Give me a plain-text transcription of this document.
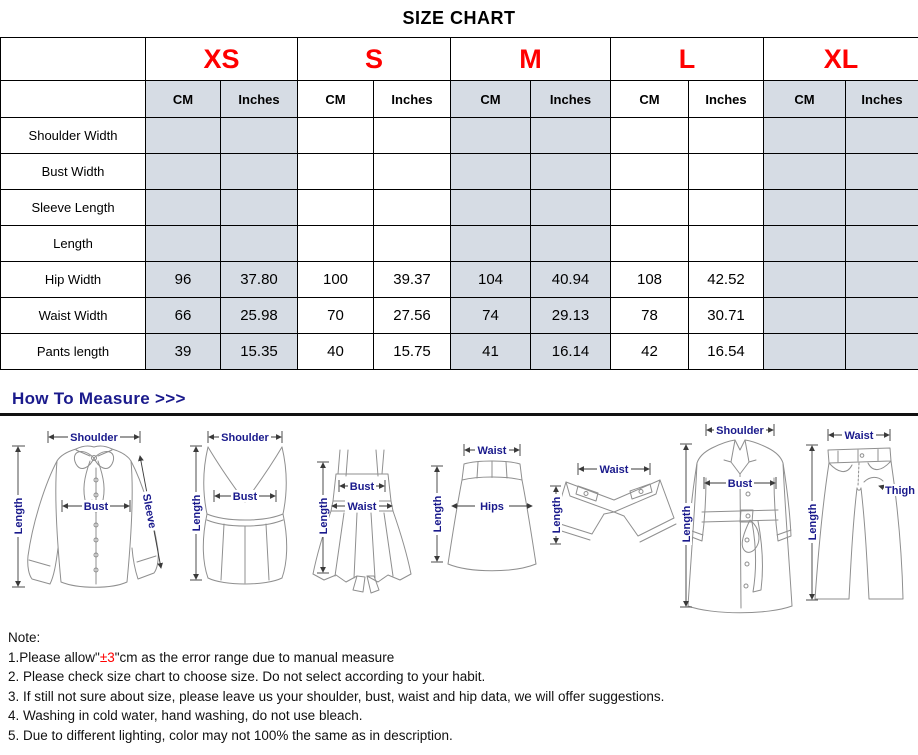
SIZE CHART
	XS		S		M		L		XL	
	CM	Inches	CM	Inches	CM	Inches	CM	Inches	CM	Inches
Shoulder Width										
Bust Width										
Sleeve Length										
Length										
Hip Width	96	37.80	100	39.37	104	40.94	108	42.52		
Waist Width	66	25.98	70	27.56	74	29.13	78	30.71		
Pants length	39	15.35	40	15.75	41	16.14	42	16.54		
How To Measure >>>
Shoulder
Bust
Length	Sleeve
Shoulder
Bust
Length
Bust
Waist
Length
Waist
Hips
Length
Waist
Length
Shoulder
Bust
Length
Waist
Thigh
Length
Note:
1.Please allow"±3"cm as the error range due to manual measure
2. Please check size chart to choose size. Do not select according to your habit.
3. If still not sure about size, please leave us your shoulder, bust, waist and hip data, we will offer suggestions.
4. Washing in cold water, hand washing, do not use bleach.
5. Due to different lighting, color may not 100% the same as in description.
